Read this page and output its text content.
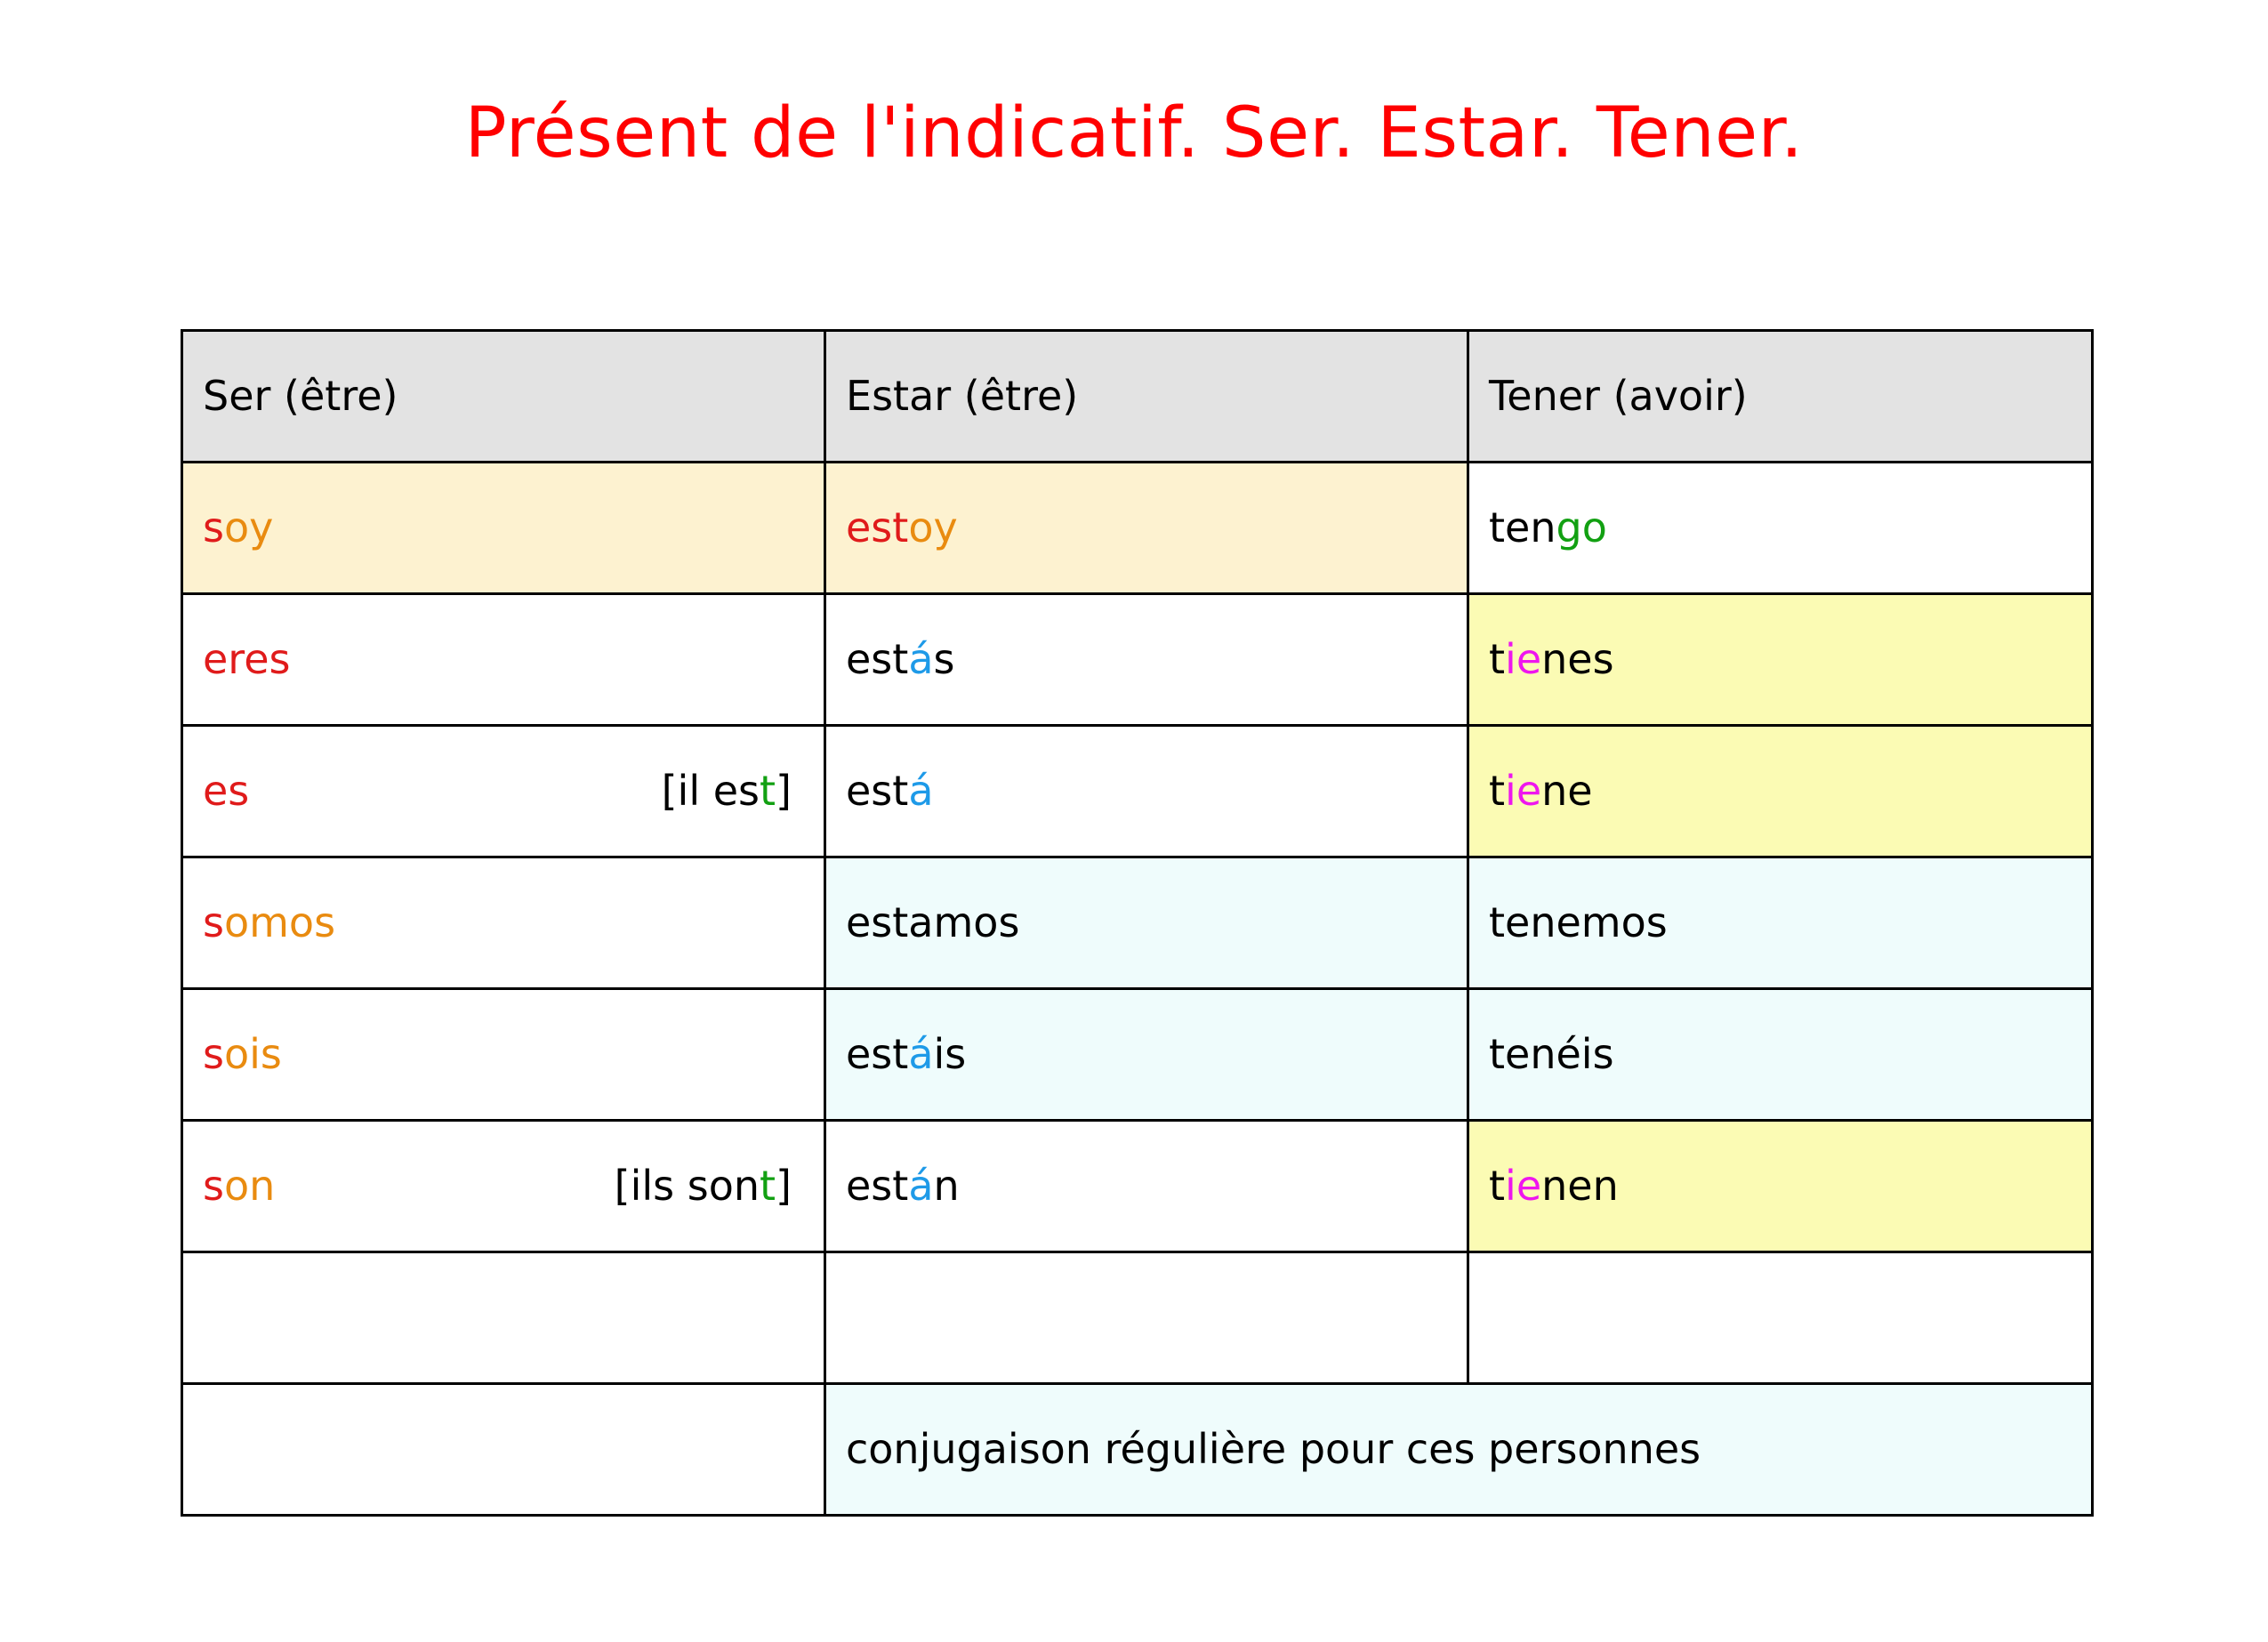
Présent de l'indicatif. Ser. Estar. Tener.
Ser (être)	Estar (être)	Tener (avoir)
soy	estoy	tengo
eres	estás	tienes

es [il est]	está	tiene
somos	estamos	tenemos
sois	estáis	tenéis

son [ils sont]	están	tienen

	conjugaison régulière pour ces personnes	
